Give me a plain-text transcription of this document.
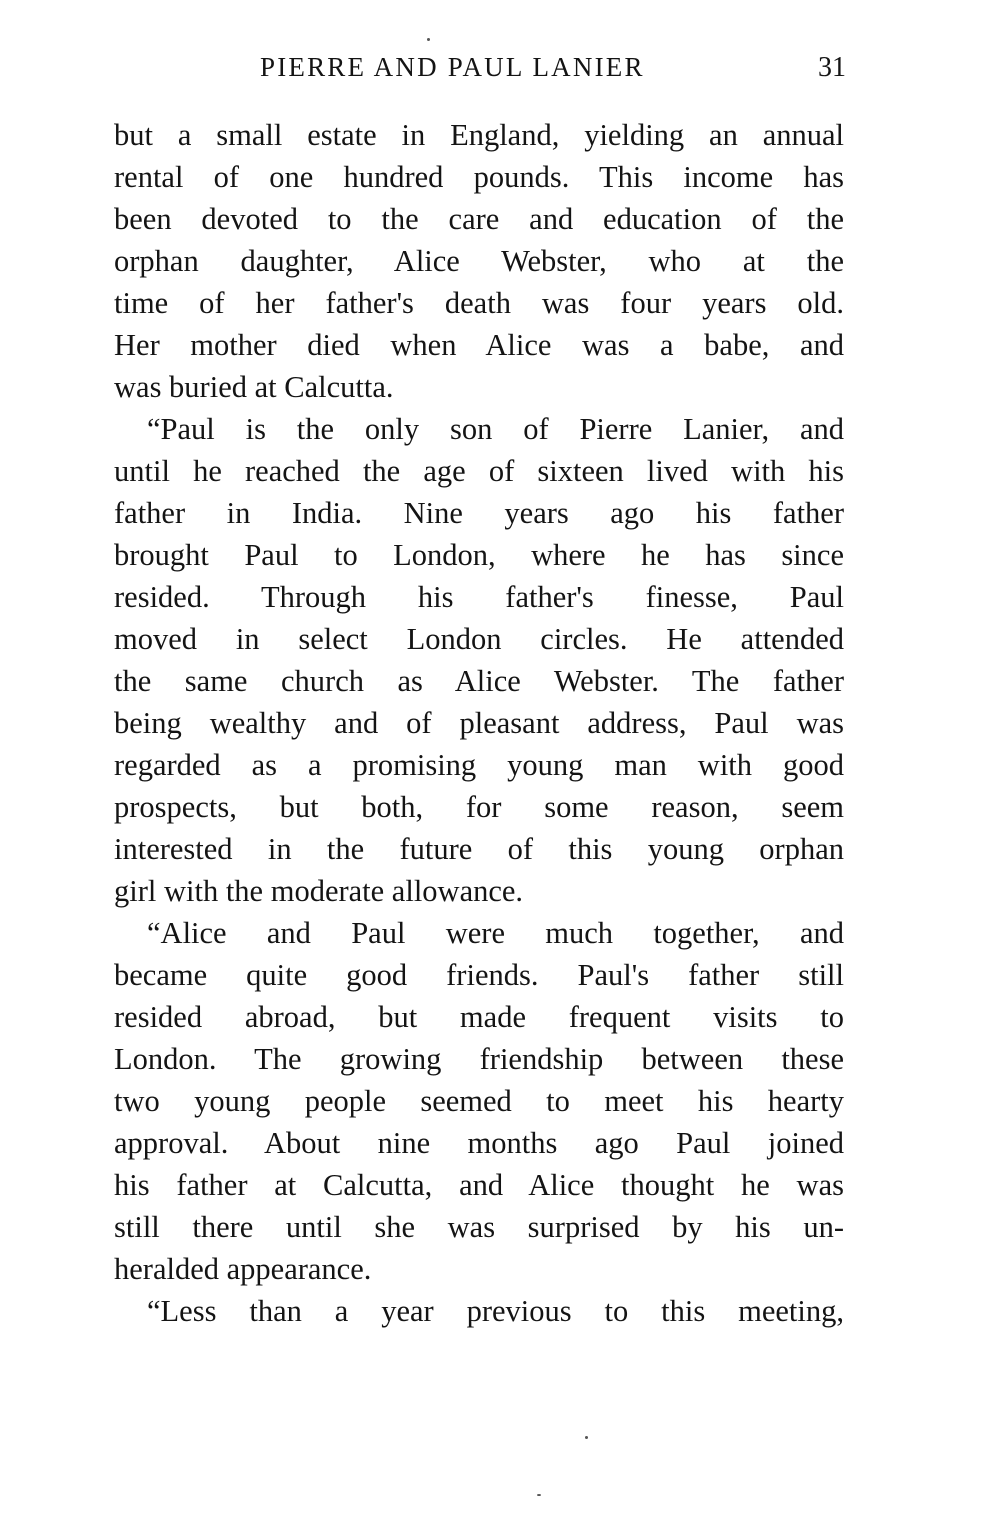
PIERRE AND PAUL LANIER	31
but a small estate in England, yielding an annual
rental of one hundred pounds. This income has
been devoted to the care and education of the
orphan daughter, Alice Webster, who at the
time of her father's death was four years old.
Her mother died when Alice was a babe, and
was buried at Calcutta.
“Paul is the only son of Pierre Lanier, and
until he reached the age of sixteen lived with his
father in India. Nine years ago his father
brought Paul to London, where he has since
resided. Through his father's finesse, Paul
moved in select London circles. He attended
the same church as Alice Webster. The father
being wealthy and of pleasant address, Paul was
regarded as a promising young man with good
prospects, but both, for some reason, seem
interested in the future of this young orphan
girl with the moderate allowance.
“Alice and Paul were much together, and
became quite good friends. Paul's father still
resided abroad, but made frequent visits to
London. The growing friendship between these
two young people seemed to meet his hearty
approval. About nine months ago Paul joined
his father at Calcutta, and Alice thought he was
still there until she was surprised by his un-
heralded appearance.
“Less than a year previous to this meeting,
